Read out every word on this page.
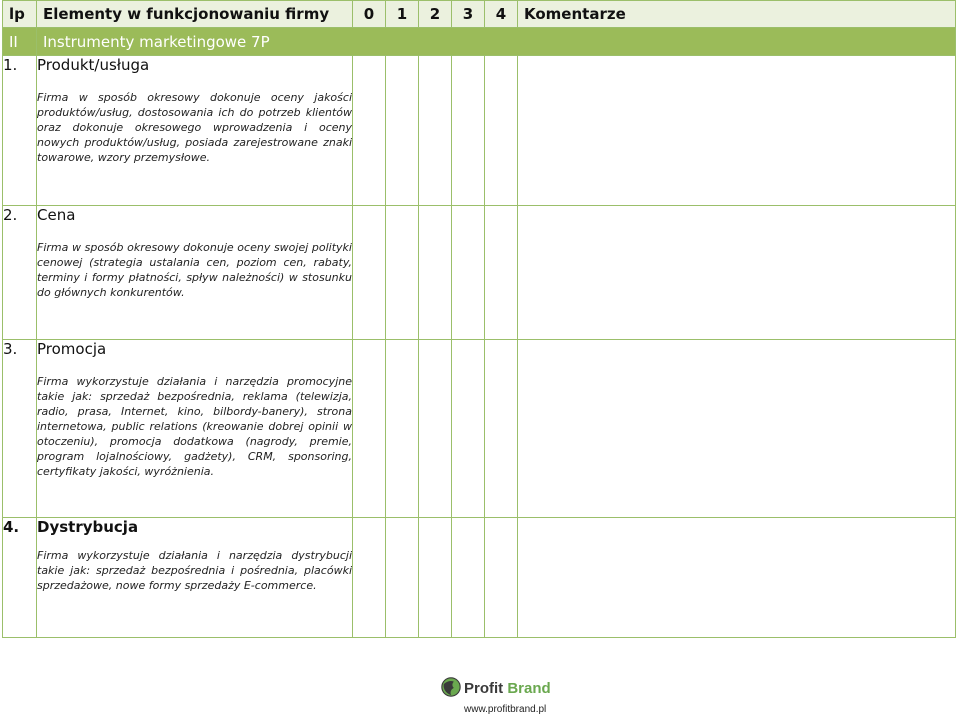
lp	Elementy w funkcjonowaniu firmy	0	1	2	3	4	Komentarze
II	Instrumenty marketingowe 7P						
1.	Produkt/usługa
Firma w sposób okresowy dokonuje oceny jakości produktów/usług, dostosowania ich do potrzeb klientów oraz dokonuje okresowego wprowadzenia i oceny nowych produktów/usług, posiada zarejestrowane znaki towarowe, wzory przemysłowe.						

2.	Cena
Firma w sposób okresowy dokonuje oceny swojej polityki cenowej (strategia ustalania cen, poziom cen, rabaty, terminy i formy płatności, spływ należności) w stosunku do głównych konkurentów.						

3.	Promocja
Firma wykorzystuje działania i narzędzia promocyjne takie jak: sprzedaż bezpośrednia, reklama (telewizja, radio, prasa, Internet, kino, bilbordy-banery), strona internetowa, public relations (kreowanie dobrej opinii w otoczeniu), promocja dodatkowa (nagrody, premie, program lojalnościowy, gadżety), CRM, sponsoring, certyfikaty jakości, wyróżnienia.						

4.	Dystrybucja
Firma wykorzystuje działania i narzędzia dystrybucji takie jak: sprzedaż bezpośrednia i pośrednia, placówki sprzedażowe, nowe formy sprzedaży E-commerce.						

Profit Brand
www.profitbrand.pl
